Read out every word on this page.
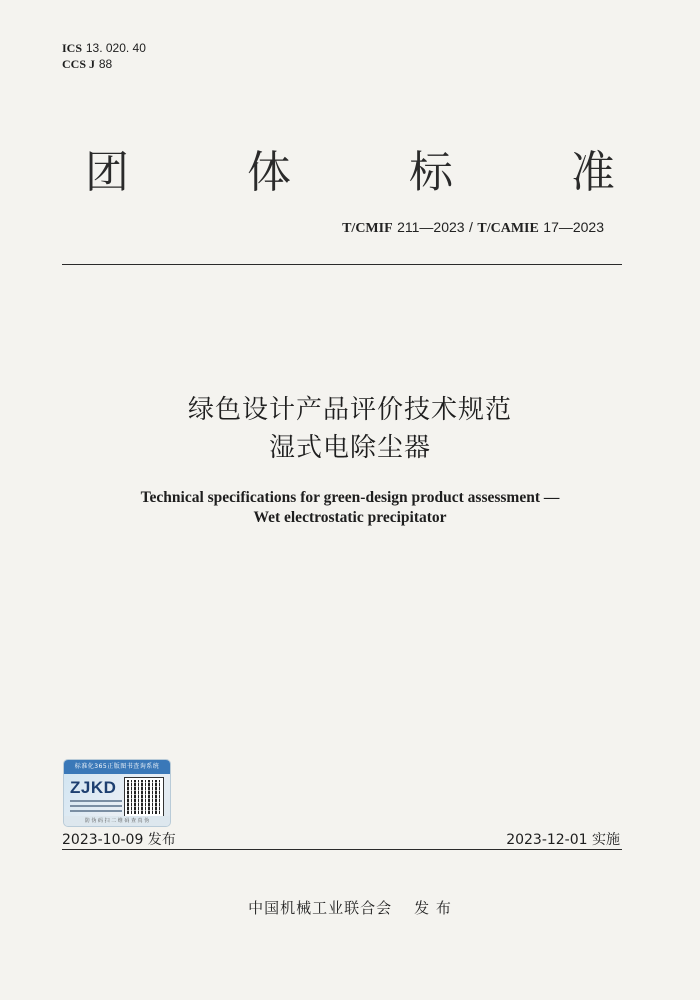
ICS 13. 020. 40
CCS J 88
团 体 标 准
T/CMIF 211—2023 / T/CAMIE 17—2023
绿色设计产品评价技术规范
湿式电除尘器
Technical specifications for green-design product assessment —
Wet electrostatic precipitator
标准化365正版图书查询系统
ZJKD
防 伪 码 扫 二 维 码 查 真 伪
2023-10-09 发布	2023-12-01 实施
中国机械工业联合会 发 布
